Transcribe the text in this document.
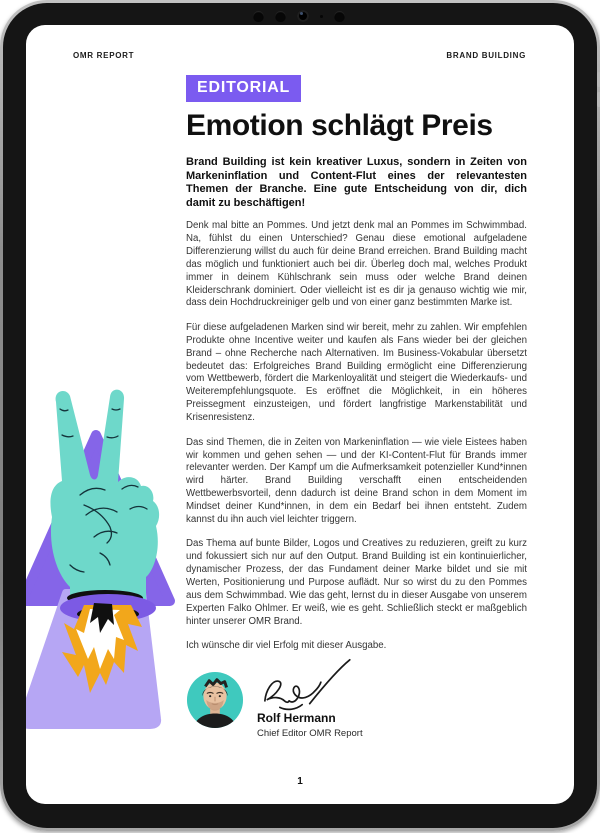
OMR REPORT	BRAND BUILDING
EDITORIAL
Emotion schlägt Preis

Brand Building ist kein kreativer Luxus, sondern in Zeiten von Markeninflation und Content-Flut eines der relevantesten Themen der Branche. Eine gute Entscheidung von dir, dich damit zu beschäftigen!

Denk mal bitte an Pommes. Und jetzt denk mal an Pommes im Schwimmbad. Na, fühlst du einen Unterschied? Genau diese emotional aufgeladene Differenzierung willst du auch für deine Brand erreichen. Brand Building macht das möglich und funktioniert auch bei dir. Überleg doch mal, welches Produkt immer in deinem Kühlschrank sein muss oder welche Brand deinen Kleiderschrank dominiert. Oder vielleicht ist es dir ja genauso wichtig wie mir, dass dein Hochdruckreiniger gelb und von einer ganz bestimmten Marke ist.

Für diese aufgeladenen Marken sind wir bereit, mehr zu zahlen. Wir empfehlen Produkte ohne Incentive weiter und kaufen als Fans wieder bei der gleichen Brand – ohne Recherche nach Alternativen. Im Business-Vokabular übersetzt bedeutet das: Erfolgreiches Brand Building ermöglicht eine Differenzierung vom Wettbewerb, fördert die Markenloyalität und steigert die Wiederkaufs- und Weiterempfehlungsquote. Es eröffnet die Möglichkeit, in ein höheres Preissegment einzusteigen, und fördert langfristige Markenstabilität und Krisenresistenz.

Das sind Themen, die in Zeiten von Markeninflation — wie viele Eistees haben wir kommen und gehen sehen — und der KI-Content-Flut für Brands immer relevanter werden. Der Kampf um die Aufmerksamkeit potenzieller Kund*innen wird härter. Brand Building verschafft einen entscheidenden Wettbewerbsvorteil, denn dadurch ist deine Brand schon in dem Moment im Mindset deiner Kund*innen, in dem ein Bedarf bei ihnen entsteht. Zudem kannst du ihn auch viel leichter triggern.

Das Thema auf bunte Bilder, Logos und Creatives zu reduzieren, greift zu kurz und fokussiert sich nur auf den Output. Brand Building ist ein kontinuierlicher, dynamischer Prozess, der das Fundament deiner Marke bildet und sie mit Werten, Positionierung und Purpose auflädt. Nur so wirst du zu den Pommes aus dem Schwimmbad. Wie das geht, lernst du in dieser Ausgabe von unserem Experten Falko Ohlmer. Er weiß, wie es geht. Schließlich steckt er maßgeblich hinter unserer OMR Brand.

Ich wünsche dir viel Erfolg mit dieser Ausgabe.

Rolf Hermann
Chief Editor OMR Report
1
